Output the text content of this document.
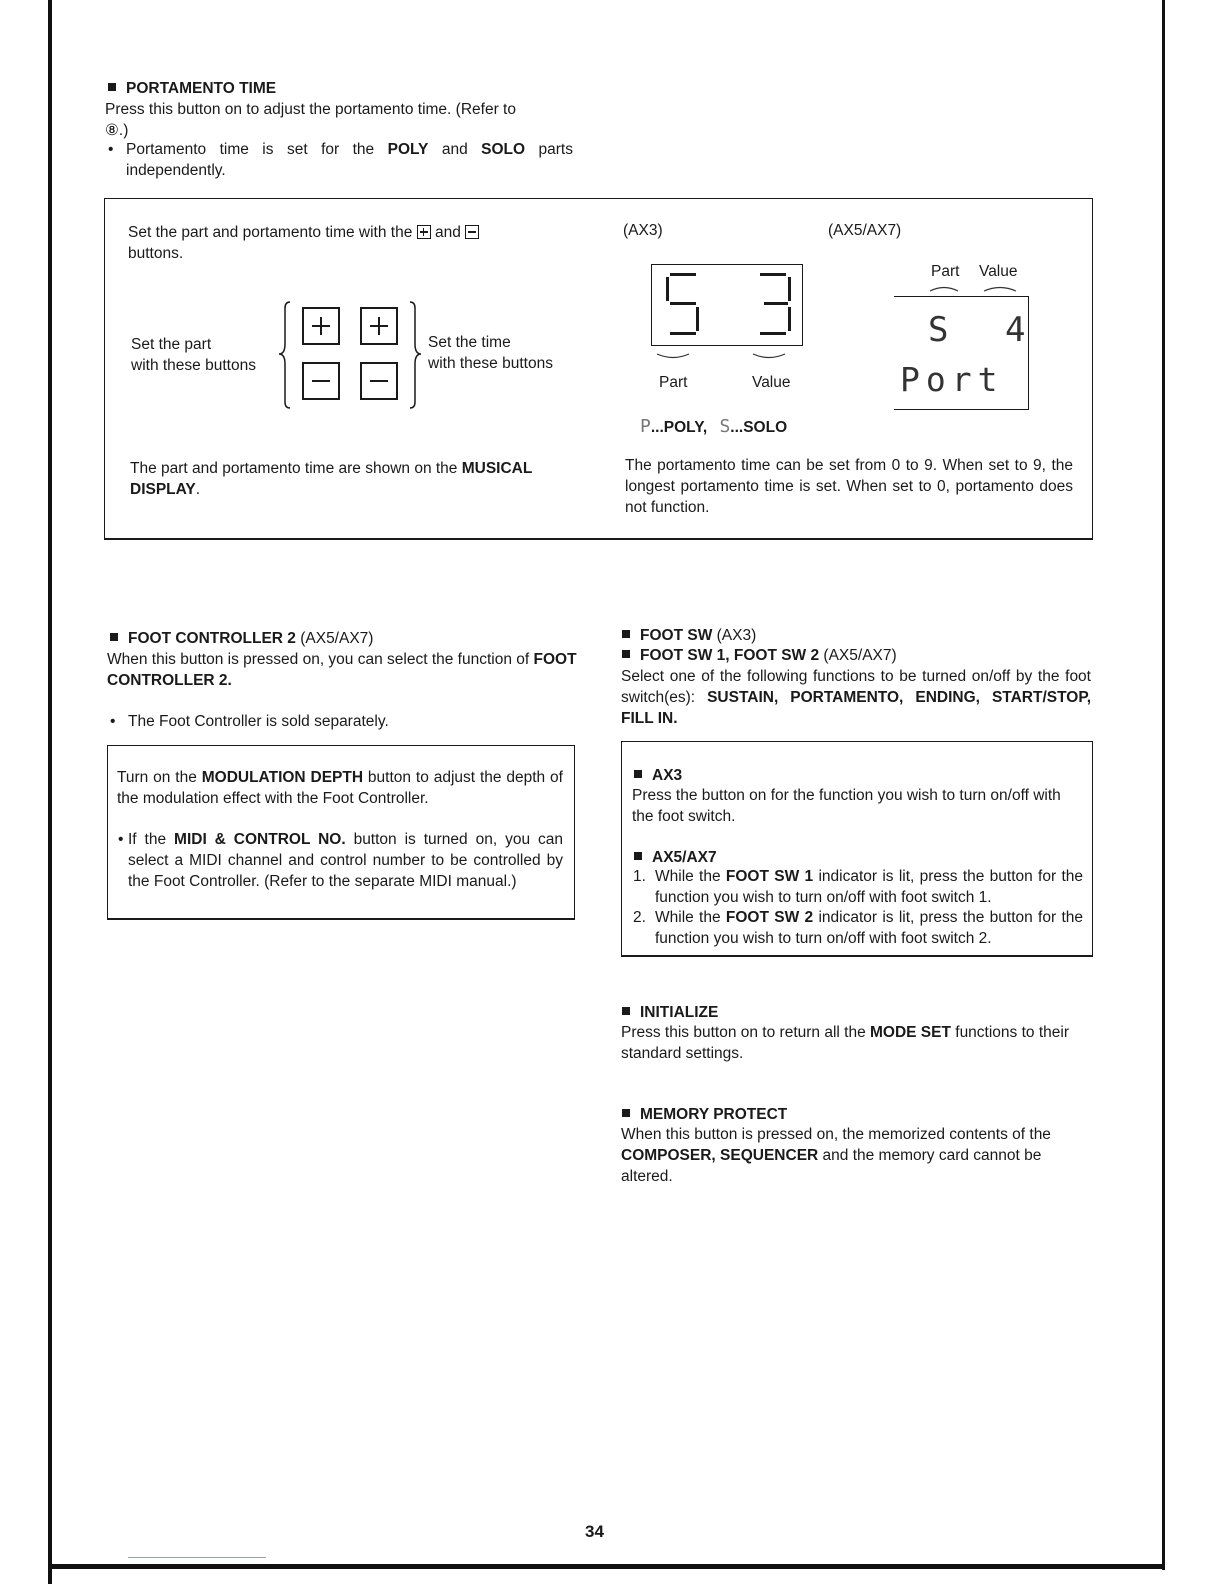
PORTAMENTO TIME
Press this button on to adjust the portamento time. (Refer to
⑧.)
• Portamento time is set for the POLY and SOLO parts independently.
Set the part and portamento time with the and
buttons.
Set the part
with these buttons
Set the time
with these buttons
The part and portamento time are shown on the MUSICAL DISPLAY.
(AX3)	(AX5/AX7)
Part	Value
Part Value
S 4
Port
P...POLY, S...SOLO
The portamento time can be set from 0 to 9. When set to 9, the longest portamento time is set. When set to 0, portamento does not function.
FOOT CONTROLLER 2 (AX5/AX7)
When this button is pressed on, you can select the function of FOOT CONTROLLER 2.
• The Foot Controller is sold separately.
Turn on the MODULATION DEPTH button to adjust the depth of the modulation effect with the Foot Controller.
• If the MIDI & CONTROL NO. button is turned on, you can select a MIDI channel and control number to be controlled by the Foot Controller. (Refer to the separate MIDI manual.)
FOOT SW (AX3)
FOOT SW 1, FOOT SW 2 (AX5/AX7)
Select one of the following functions to be turned on/off by the foot switch(es): SUSTAIN, PORTAMENTO, ENDING, START/STOP, FILL IN.
AX3
Press the button on for the function you wish to turn on/off with the foot switch.
AX5/AX7
1. While the FOOT SW 1 indicator is lit, press the button for the function you wish to turn on/off with foot switch 1.
2. While the FOOT SW 2 indicator is lit, press the button for the function you wish to turn on/off with foot switch 2.
INITIALIZE
Press this button on to return all the MODE SET functions to their standard settings.
MEMORY PROTECT
When this button is pressed on, the memorized contents of the COMPOSER, SEQUENCER and the memory card cannot be altered.
34
